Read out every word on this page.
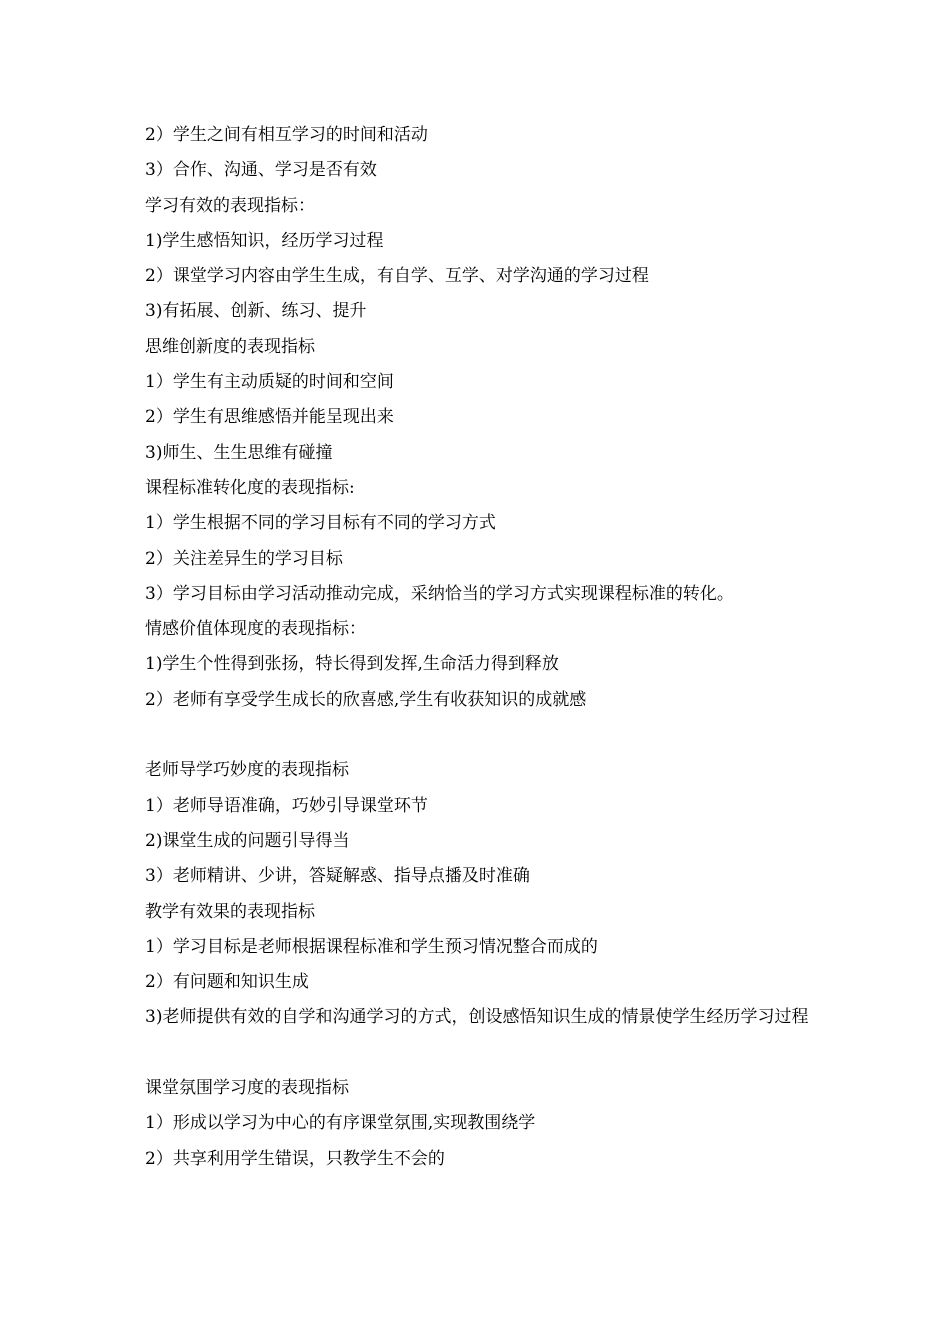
2）学生之间有相互学习的时间和活动
3）合作、沟通、学习是否有效
学习有效的表现指标：
1)学生感悟知识，经历学习过程
2）课堂学习内容由学生生成，有自学、互学、对学沟通的学习过程
3)有拓展、创新、练习、提升
思维创新度的表现指标
1）学生有主动质疑的时间和空间
2）学生有思维感悟并能呈现出来
3)师生、生生思维有碰撞
课程标准转化度的表现指标:
1）学生根据不同的学习目标有不同的学习方式
2）关注差异生的学习目标
3）学习目标由学习活动推动完成，采纳恰当的学习方式实现课程标准的转化。
情感价值体现度的表现指标：
1)学生个性得到张扬，特长得到发挥,生命活力得到释放
2）老师有享受学生成长的欣喜感,学生有收获知识的成就感
老师导学巧妙度的表现指标
1）老师导语准确，巧妙引导课堂环节
2)课堂生成的问题引导得当
3）老师精讲、少讲，答疑解惑、指导点播及时准确
教学有效果的表现指标
1）学习目标是老师根据课程标准和学生预习情况整合而成的
2）有问题和知识生成
3)老师提供有效的自学和沟通学习的方式，创设感悟知识生成的情景使学生经历学习过程
课堂氛围学习度的表现指标
1）形成以学习为中心的有序课堂氛围,实现教围绕学
2）共享利用学生错误，只教学生不会的
